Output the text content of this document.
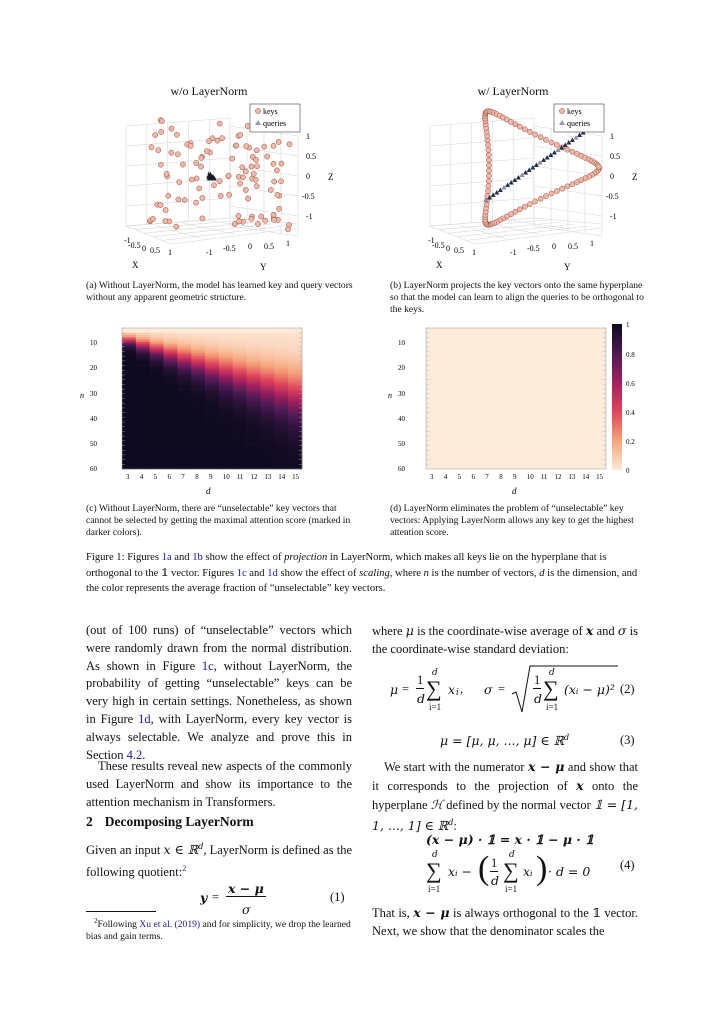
w/o LayerNorm
keys
queries
1
0.5
0
-0.5
-1
Z
-1
-0.5 0 0.5 1
X
-1 -0.5 0 0.5 1
Y
(a) Without LayerNorm, the model has learned key and query vectors without any apparent geometric structure.
w/ LayerNorm
keys
queries
1
0.5
0
-0.5
-1
Z
-1
-0.5 0 0.5 1
X
-1 -0.5 0 0.5 1
Y
(b) LayerNorm projects the key vectors onto the same hyperplane so that the model can learn to align the queries to be orthogonal to the keys.
10
20
30
40
50
60
n
3 4 5 6 7 8 9 10 11 12 13 14 15
d
(c) Without LayerNorm, there are “unselectable” key vectors that cannot be selected by getting the maximal attention score (marked in darker colors).
10
20
30
40
50
60
n
3 4 5 6 7 8 9 10 11 12 13 14 15
d
1
0.8
0.6
0.4
0.2
0
(d) LayerNorm eliminates the problem of “unselectable” key vectors: Applying LayerNorm allows any key to get the highest attention score.
Figure 1: Figures 1a and 1b show the effect of projection in LayerNorm, which makes all keys lie on the hyperplane that is orthogonal to the 𝟙 vector. Figures 1c and 1d show the effect of scaling, where n is the number of vectors, d is the dimension, and the color represents the average fraction of “unselectable” key vectors.
(out of 100 runs) of “unselectable” vectors which were randomly drawn from the normal distribution. As shown in Figure 1c, without LayerNorm, the probability of getting “unselectable” keys can be very high in certain settings. Nonetheless, as shown in Figure 1d, with LayerNorm, every key vector is always selectable. We analyze and prove this in Section 4.2.
These results reveal new aspects of the commonly used LayerNorm and show its importance to the attention mechanism in Transformers.
2 Decomposing LayerNorm
Given an input x ∈ ℝ$^d$, LayerNorm is defined as the following quotient:$^2$
y =
x − μ
σ
(1)
$^2$Following Xu et al. (2019) and for simplicity, we drop the learned bias and gain terms.
where μ is the coordinate-wise average of x and σ is the coordinate-wise standard deviation:
μ =
1
d
d
∑
i=1
x i , σ =
1
d
d
∑
i=1
(xᵢ − μ)² (2)
μ = [μ, μ, ..., μ] ∈ ℝ$^d$	(3)
We start with the numerator x − μ and show that it corresponds to the projection of x onto the hyperplane ℋ defined by the normal vector 𝟙 = [1, 1, ..., 1] ∈ ℝ$^d$:
(x − μ) · 𝟙 = x · 𝟙 − μ · 𝟙
d
∑
i=1
xᵢ − ( 1
d
d
∑
i=1
xᵢ ) · d = 0 (4)
That is, x − μ is always orthogonal to the 𝟙 vector. Next, we show that the denominator scales the
